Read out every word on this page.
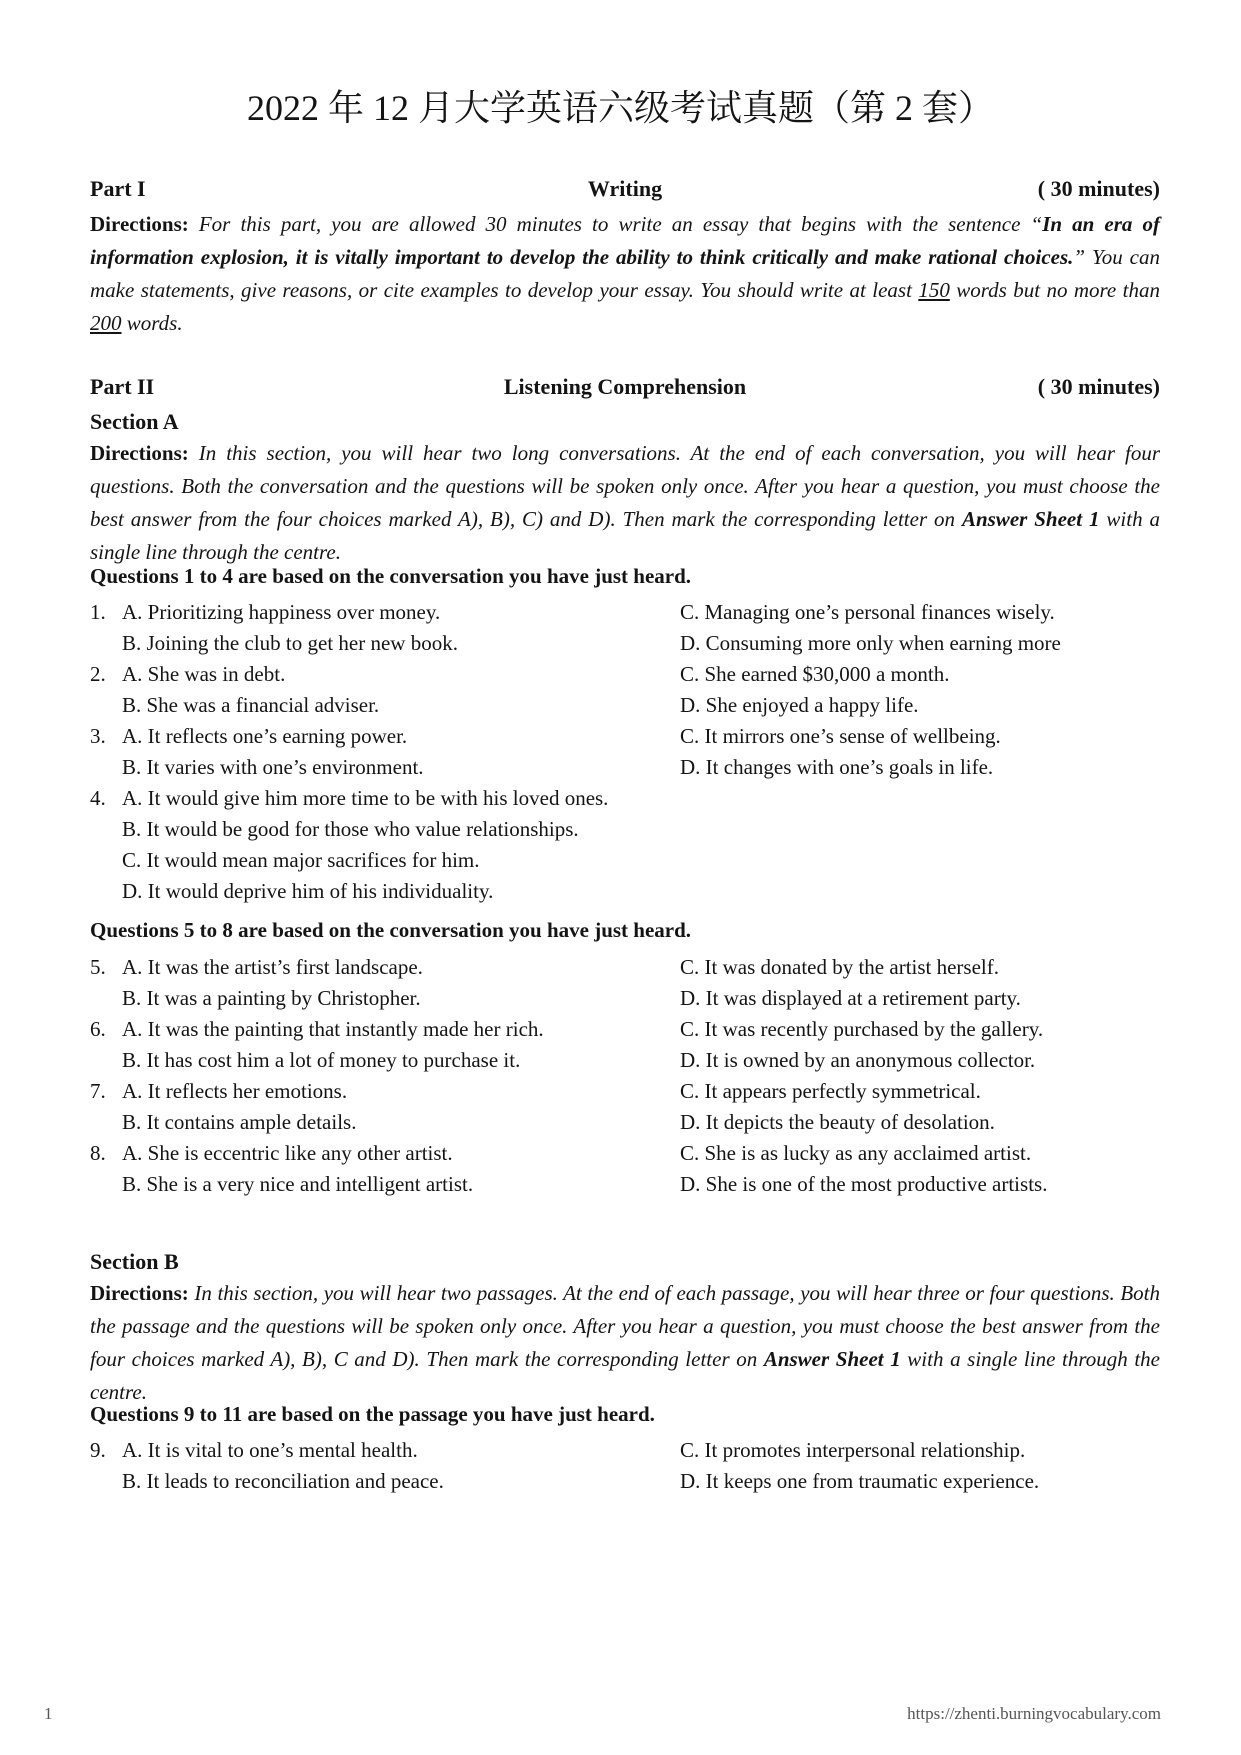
2022 年 12 月大学英语六级考试真题（第 2 套）
Part I	Writing	( 30 minutes)
Directions: For this part, you are allowed 30 minutes to write an essay that begins with the sentence “In an era of information explosion, it is vitally important to develop the ability to think critically and make rational choices.” You can make statements, give reasons, or cite examples to develop your essay. You should write at least 150 words but no more than 200 words.
Part II	Listening Comprehension	( 30 minutes)
Section A
Directions: In this section, you will hear two long conversations. At the end of each conversation, you will hear four questions. Both the conversation and the questions will be spoken only once. After you hear a question, you must choose the best answer from the four choices marked A), B), C) and D). Then mark the corresponding letter on Answer Sheet 1 with a single line through the centre.
Questions 1 to 4 are based on the conversation you have just heard.
1. A. Prioritizing happiness over money.	C. Managing one’s personal finances wisely.
B. Joining the club to get her new book.	D. Consuming more only when earning more
2. A. She was in debt.	C. She earned $30,000 a month.
B. She was a financial adviser.	D. She enjoyed a happy life.
3. A. It reflects one’s earning power.	C. It mirrors one’s sense of wellbeing.
B. It varies with one’s environment.	D. It changes with one’s goals in life.
4. A. It would give him more time to be with his loved ones.
B. It would be good for those who value relationships.
C. It would mean major sacrifices for him.
D. It would deprive him of his individuality.
Questions 5 to 8 are based on the conversation you have just heard.
5. A. It was the artist’s first landscape.	C. It was donated by the artist herself.
B. It was a painting by Christopher.	D. It was displayed at a retirement party.
6. A. It was the painting that instantly made her rich.	C. It was recently purchased by the gallery.
B. It has cost him a lot of money to purchase it.	D. It is owned by an anonymous collector.
7. A. It reflects her emotions.	C. It appears perfectly symmetrical.
B. It contains ample details.	D. It depicts the beauty of desolation.
8. A. She is eccentric like any other artist.	C. She is as lucky as any acclaimed artist.
B. She is a very nice and intelligent artist.	D. She is one of the most productive artists.
Section B
Directions: In this section, you will hear two passages. At the end of each passage, you will hear three or four questions. Both the passage and the questions will be spoken only once. After you hear a question, you must choose the best answer from the four choices marked A), B), C and D). Then mark the corresponding letter on Answer Sheet 1 with a single line through the centre.
Questions 9 to 11 are based on the passage you have just heard.
9. A. It is vital to one’s mental health.	C. It promotes interpersonal relationship.
B. It leads to reconciliation and peace.	D. It keeps one from traumatic experience.
1	https://zhenti.burningvocabulary.com
